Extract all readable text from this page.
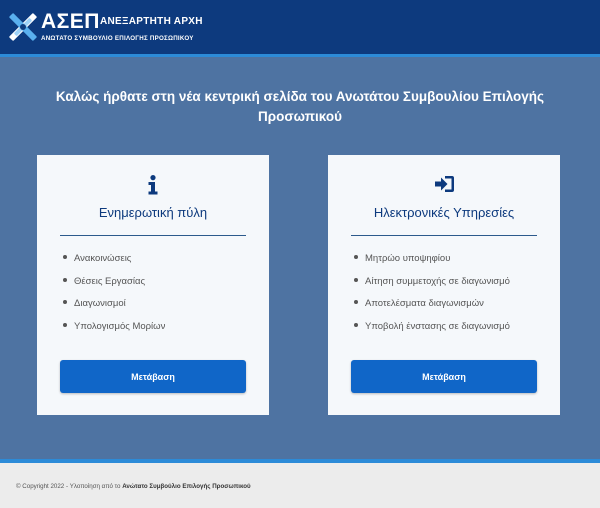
ΑΣΕΠ ΑΝΕΞΑΡΤΗΤΗ ΑΡΧΗ
ΑΝΩΤΑΤΟ ΣΥΜΒΟΥΛΙΟ ΕΠΙΛΟΓΗΣ ΠΡΟΣΩΠΙΚΟΥ
Καλώς ήρθατε στη νέα κεντρική σελίδα του Ανωτάτου Συμβουλίου Επιλογής Προσωπικού
Ενημερωτική πύλη
Ανακοινώσεις
Θέσεις Εργασίας
Διαγωνισμοί
Υπολογισμός Μορίων
Μετάβαση
Ηλεκτρονικές Υπηρεσίες
Μητρώο υποψηφίου
Αίτηση συμμετοχής σε διαγωνισμό
Αποτελέσματα διαγωνισμών
Υποβολή ένστασης σε διαγωνισμό
Μετάβαση
© Copyright 2022 - Υλοποίηση από το Ανώτατο Συμβούλιο Επιλογής Προσωπικού
